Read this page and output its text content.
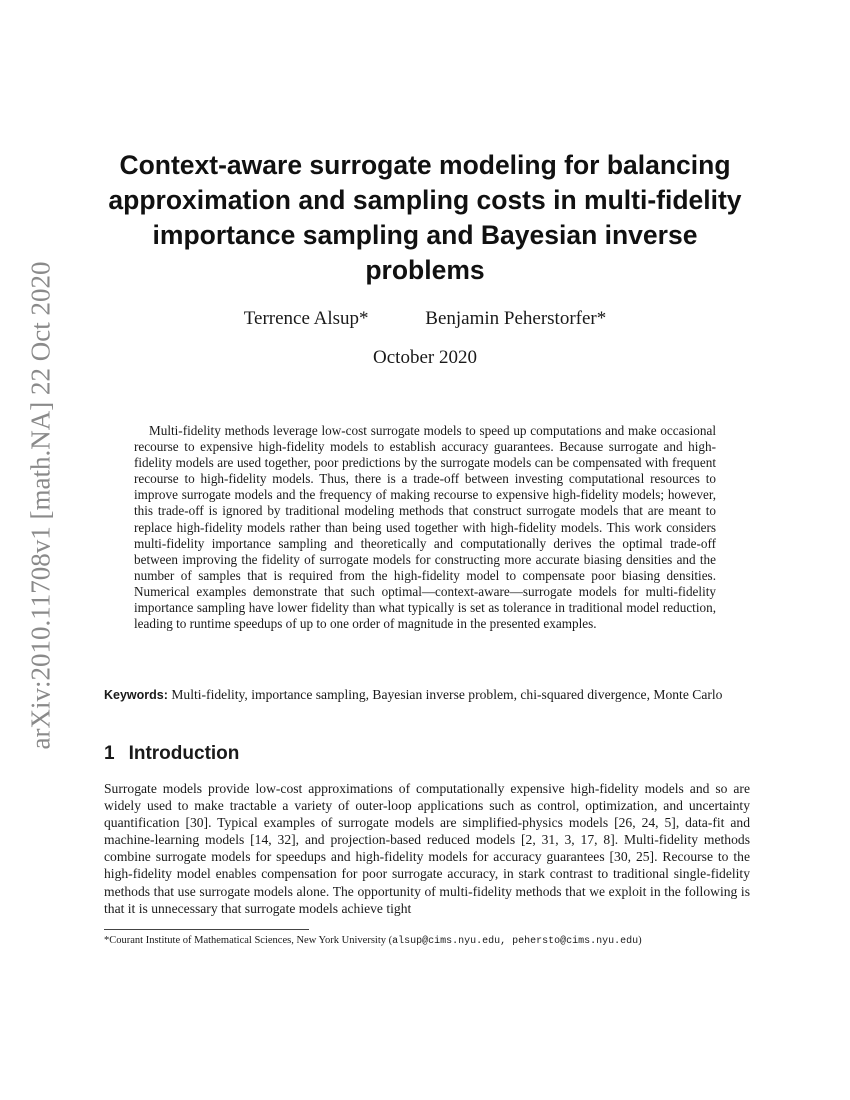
arXiv:2010.11708v1 [math.NA] 22 Oct 2020
Context-aware surrogate modeling for balancing approximation and sampling costs in multi-fidelity importance sampling and Bayesian inverse problems
Terrence Alsup*	Benjamin Peherstorfer*
October 2020

Multi-fidelity methods leverage low-cost surrogate models to speed up computations and make occasional recourse to expensive high-fidelity models to establish accuracy guarantees. Because surrogate and high-fidelity models are used together, poor predictions by the surrogate models can be compensated with frequent recourse to high-fidelity models. Thus, there is a trade-off between investing computational resources to improve surrogate models and the frequency of making recourse to expensive high-fidelity models; however, this trade-off is ignored by traditional modeling methods that construct surrogate models that are meant to replace high-fidelity models rather than being used together with high-fidelity models. This work considers multi-fidelity importance sampling and theoretically and computationally derives the optimal trade-off between improving the fidelity of surrogate models for constructing more accurate biasing densities and the number of samples that is required from the high-fidelity model to compensate poor biasing densities. Numerical examples demonstrate that such optimal—context-aware—surrogate models for multi-fidelity importance sampling have lower fidelity than what typically is set as tolerance in traditional model reduction, leading to runtime speedups of up to one order of magnitude in the presented examples.

Keywords: Multi-fidelity, importance sampling, Bayesian inverse problem, chi-squared divergence, Monte Carlo

1 Introduction

Surrogate models provide low-cost approximations of computationally expensive high-fidelity models and so are widely used to make tractable a variety of outer-loop applications such as control, optimization, and uncertainty quantification [30]. Typical examples of surrogate models are simplified-physics models [26, 24, 5], data-fit and machine-learning models [14, 32], and projection-based reduced models [2, 31, 3, 17, 8]. Multi-fidelity methods combine surrogate models for speedups and high-fidelity models for accuracy guarantees [30, 25]. Recourse to the high-fidelity model enables compensation for poor surrogate accuracy, in stark contrast to traditional single-fidelity methods that use surrogate models alone. The opportunity of multi-fidelity methods that we exploit in the following is that it is unnecessary that surrogate models achieve tight

*Courant Institute of Mathematical Sciences, New York University (alsup@cims.nyu.edu, pehersto@cims.nyu.edu)
